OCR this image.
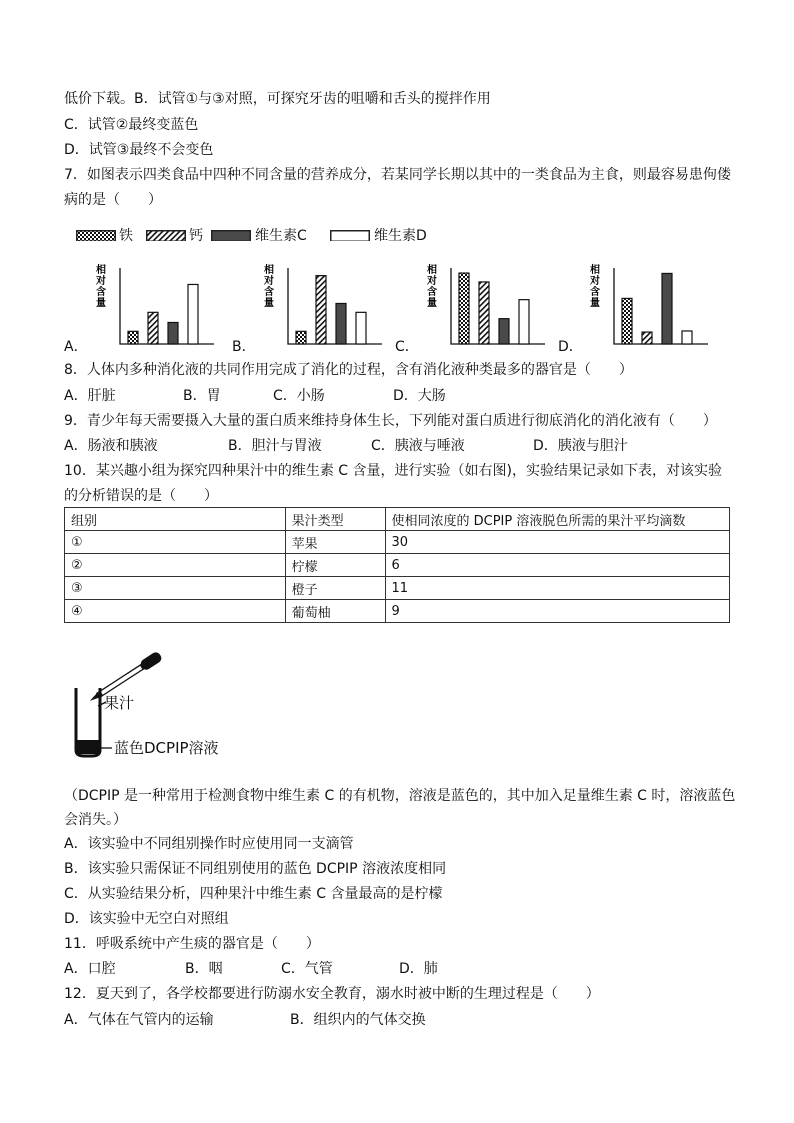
低价下载。B．试管①与③对照，可探究牙齿的咀嚼和舌头的搅拌作用
C．试管②最终变蓝色
D．试管③最终不会变色
7．如图表示四类食品中四种不同含量的营养成分，若某同学长期以其中的一类食品为主食，则最容易患佝偻
病的是（　　）
铁	钙	维生素C	维生素D
A．
相
对
含
量
B．
相
对
含
量
C．
相
对
含
量
D．
相
对
含
量
8．人体内多种消化液的共同作用完成了消化的过程，含有消化液种类最多的器官是（　　）
A．肝脏	B．胃	C．小肠	D．大肠
9．青少年每天需要摄入大量的蛋白质来维持身体生长，下列能对蛋白质进行彻底消化的消化液有（　　）
A．肠液和胰液	B．胆汁与胃液	C．胰液与唾液	D．胰液与胆汁
10．某兴趣小组为探究四种果汁中的维生素 C 含量，进行实验（如右图)，实验结果记录如下表，对该实验
的分析错误的是（　　）
组别	果汁类型	使相同浓度的 DCPIP 溶液脱色所需的果汁平均滴数
①	苹果	30
②	柠檬	6
③	橙子	11
④	葡萄柚	9
果汁
蓝色DCPIP溶液
（DCPIP 是一种常用于检测食物中维生素 C 的有机物，溶液是蓝色的，其中加入足量维生素 C 时，溶液蓝色
会消失。）
A．该实验中不同组别操作时应使用同一支滴管
B．该实验只需保证不同组别使用的蓝色 DCPIP 溶液浓度相同
C．从实验结果分析，四种果汁中维生素 C 含量最高的是柠檬
D．该实验中无空白对照组
11．呼吸系统中产生痰的器官是（　　）
A．口腔	B．咽	C．气管	D．肺
12．夏天到了，各学校都要进行防溺水安全教育，溺水时被中断的生理过程是（　　）
A．气体在气管内的运输	B．组织内的气体交换
